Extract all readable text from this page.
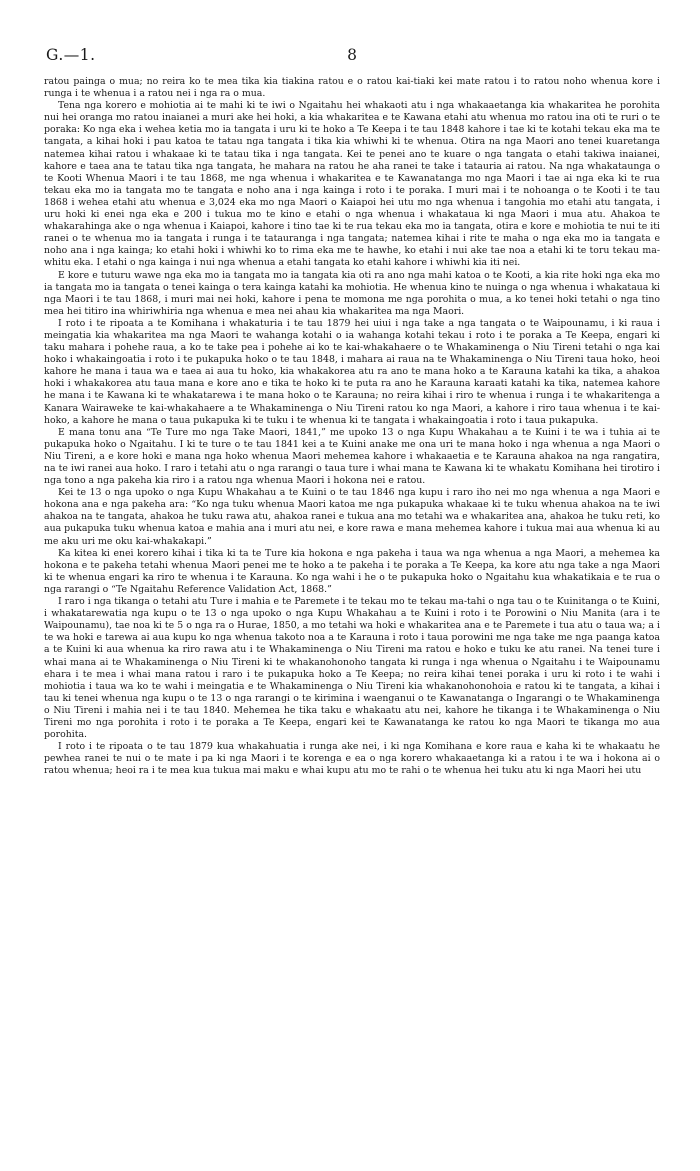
G.—1.	8

ratou painga o mua; no reira ko te mea tika kia tiakina ratou e o ratou kai-tiaki kei mate ratou i to ratou noho whenua kore i runga i te whenua i a ratou nei i nga ra o mua.

Tena nga korero e mohiotia ai te mahi ki te iwi o Ngaitahu hei whakaoti atu i nga whakaaetanga kia whakaritea he porohita nui hei oranga mo ratou inaianei a muri ake hei hoki, a kia whakaritea e te Kawana etahi atu whenua mo ratou ina oti te ruri o te poraka: Ko nga eka i wehea ketia mo ia tangata i uru ki te hoko a Te Keepa i te tau 1848 kahore i tae ki te kotahi tekau eka ma te tangata, a kihai hoki i pau katoa te tatau nga tangata i tika kia whiwhi ki te whenua. Otira na nga Maori ano tenei kuaretanga natemea kihai ratou i whakaae ki te tatau tika i nga tangata. Kei te penei ano te kuare o nga tangata o etahi takiwa inaianei, kahore e taea ana te tatau tika nga tangata, he mahara na ratou he aha ranei te take i tatauria ai ratou. Na nga whakataunga o te Kooti Whenua Maori i te tau 1868, me nga whenua i whakaritea e te Kawanatanga mo nga Maori i tae ai nga eka ki te rua tekau eka mo ia tangata mo te tangata e noho ana i nga kainga i roto i te poraka. I muri mai i te nohoanga o te Kooti i te tau 1868 i wehea etahi atu whenua e 3,024 eka mo nga Maori o Kaiapoi hei utu mo nga whenua i tangohia mo etahi atu tangata, i uru hoki ki enei nga eka e 200 i tukua mo te kino e etahi o nga whenua i whakataua ki nga Maori i mua atu. Ahakoa te whakarahinga ake o nga whenua i Kaiapoi, kahore i tino tae ki te rua tekau eka mo ia tangata, otira e kore e mohiotia te nui te iti ranei o te whenua mo ia tangata i runga i te tatauranga i nga tangata; natemea kihai i rite te maha o nga eka mo ia tangata e noho ana i nga kainga; ko etahi hoki i whiwhi ko to rima eka me te hawhe, ko etahi i nui ake tae noa a etahi ki te toru tekau ma-whitu eka. I etahi o nga kainga i nui nga whenua a etahi tangata ko etahi kahore i whiwhi kia iti nei.

E kore e tuturu wawe nga eka mo ia tangata mo ia tangata kia oti ra ano nga mahi katoa o te Kooti, a kia rite hoki nga eka mo ia tangata mo ia tangata o tenei kainga o tera kainga katahi ka mohiotia. He whenua kino te nuinga o nga whenua i whakataua ki nga Maori i te tau 1868, i muri mai nei hoki, kahore i pena te momona me nga porohita o mua, a ko tenei hoki tetahi o nga tino mea hei titiro ina whiriwhiria nga whenua e mea nei ahau kia whakaritea ma nga Maori.

I roto i te ripoata a te Komihana i whakaturia i te tau 1879 hei uiui i nga take a nga tangata o te Waipounamu, i ki raua i meingatia kia whakaritea ma nga Maori te wahanga kotahi o ia wahanga kotahi tekau i roto i te poraka a Te Keepa, engari ki taku mahara i pohehe raua, a ko te take pea i pohehe ai ko te kai-whakahaere o te Whakaminenga o Niu Tireni tetahi o nga kai hoko i whakaingoatia i roto i te pukapuka hoko o te tau 1848, i mahara ai raua na te Whakaminenga o Niu Tireni taua hoko, heoi kahore he mana i taua wa e taea ai aua tu hoko, kia whakakorea atu ra ano te mana hoko a te Karauna katahi ka tika, a ahakoa hoki i whakakorea atu taua mana e kore ano e tika te hoko ki te puta ra ano he Karauna karaati katahi ka tika, natemea kahore he mana i te Kawana ki te whakatarewa i te mana hoko o te Karauna; no reira kihai i riro te whenua i runga i te whakaritenga a Kanara Wairaweke te kai-whakahaere a te Whakaminenga o Niu Tireni ratou ko nga Maori, a kahore i riro taua whenua i te kai-hoko, a kahore he mana o taua pukapuka ki te tuku i te whenua ki te tangata i whakaingoatia i roto i taua pukapuka.

E mana tonu ana “Te Ture mo nga Take Maori, 1841,” me upoko 13 o nga Kupu Whakahau a te Kuini i te wa i tuhia ai te pukapuka hoko o Ngaitahu. I ki te ture o te tau 1841 kei a te Kuini anake me ona uri te mana hoko i nga whenua a nga Maori o Niu Tireni, a e kore hoki e mana nga hoko whenua Maori mehemea kahore i whakaaetia e te Karauna ahakoa na nga rangatira, na te iwi ranei aua hoko. I raro i tetahi atu o nga rarangi o taua ture i whai mana te Kawana ki te whakatu Komihana hei tirotiro i nga tono a nga pakeha kia riro i a ratou nga whenua Maori i hokona nei e ratou.

Kei te 13 o nga upoko o nga Kupu Whakahau a te Kuini o te tau 1846 nga kupu i raro iho nei mo nga whenua a nga Maori e hokona ana e nga pakeha ara: “Ko nga tuku whenua Maori katoa me nga pukapuka whakaae ki te tuku whenua ahakoa na te iwi ahakoa na te tangata, ahakoa he tuku rawa atu, ahakoa ranei e tukua ana mo tetahi wa e whakaritea ana, ahakoa he tuku reti, ko aua pukapuka tuku whenua katoa e mahia ana i muri atu nei, e kore rawa e mana mehemea kahore i tukua mai aua whenua ki au me aku uri me oku kai-whakakapi.”

Ka kitea ki enei korero kihai i tika ki ta te Ture kia hokona e nga pakeha i taua wa nga whenua a nga Maori, a mehemea ka hokona e te pakeha tetahi whenua Maori penei me te hoko a te pakeha i te poraka a Te Keepa, ka kore atu nga take a nga Maori ki te whenua engari ka riro te whenua i te Karauna. Ko nga wahi i he o te pukapuka hoko o Ngaitahu kua whakatikaia e te rua o nga rarangi o “Te Ngaitahu Reference Validation Act, 1868.”

I raro i nga tikanga o tetahi atu Ture i mahia e te Paremete i te tekau mo te tekau ma-tahi o nga tau o te Kuinitanga o te Kuini, i whakatarewatia nga kupu o te 13 o nga upoko o nga Kupu Whakahau a te Kuini i roto i te Porowini o Niu Manita (ara i te Waipounamu), tae noa ki te 5 o nga ra o Hurae, 1850, a mo tetahi wa hoki e whakaritea ana e te Paremete i tua atu o taua wa; a i te wa hoki e tarewa ai aua kupu ko nga whenua takoto noa a te Karauna i roto i taua porowini me nga take me nga paanga katoa a te Kuini ki aua whenua ka riro rawa atu i te Whakaminenga o Niu Tireni ma ratou e hoko e tuku ke atu ranei. Na tenei ture i whai mana ai te Whakaminenga o Niu Tireni ki te whakanohonoho tangata ki runga i nga whenua o Ngaitahu i te Waipounamu ehara i te mea i whai mana ratou i raro i te pukapuka hoko a Te Keepa; no reira kihai tenei poraka i uru ki roto i te wahi i mohiotia i taua wa ko te wahi i meingatia e te Whakaminenga o Niu Tireni kia whakanohonohoia e ratou ki te tangata, a kihai i tau ki tenei whenua nga kupu o te 13 o nga rarangi o te kirimina i waenganui o te Kawanatanga o Ingarangi o te Whakaminenga o Niu Tireni i mahia nei i te tau 1840. Mehemea he tika taku e whakaatu atu nei, kahore he tikanga i te Whakaminenga o Niu Tireni mo nga porohita i roto i te poraka a Te Keepa, engari kei te Kawanatanga ke ratou ko nga Maori te tikanga mo aua porohita.

I roto i te ripoata o te tau 1879 kua whakahuatia i runga ake nei, i ki nga Komihana e kore raua e kaha ki te whakaatu he pewhea ranei te nui o te mate i pa ki nga Maori i te korenga e ea o nga korero whakaaetanga ki a ratou i te wa i hokona ai o ratou whenua; heoi ra i te mea kua tukua mai maku e whai kupu atu mo te rahi o te whenua hei tuku atu ki nga Maori hei utu
